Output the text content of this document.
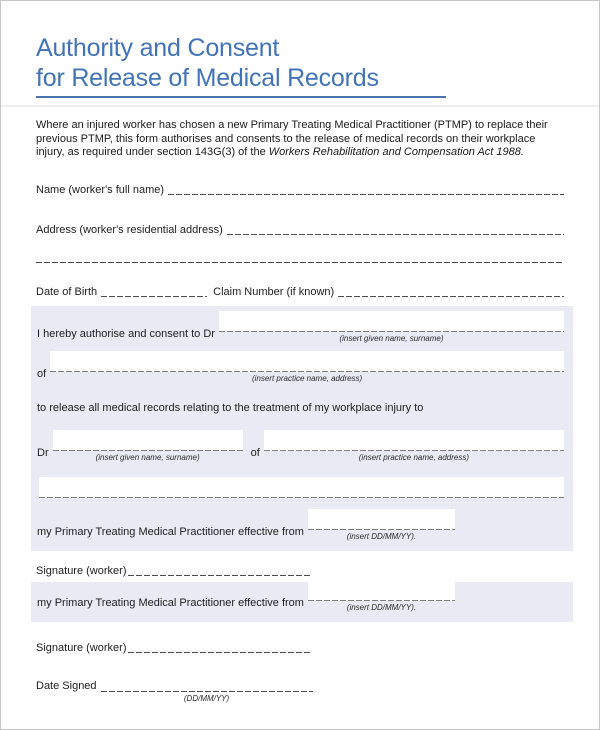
Authority and Consent
for Release of Medical Records

Where an injured worker has chosen a new Primary Treating Medical Practitioner (PTMP) to replace their previous PTMP, this form authorises and consents to the release of medical records on their workplace injury, as required under section 143G(3) of the Workers Rehabilitation and Compensation Act 1988.

Name (worker's full name)
Address (worker's residential address)
Date of Birth	Claim Number (if known)
I hereby authorise and consent to Dr	(insert given name, surname)
of	(insert practice name, address)
to release all medical records relating to the treatment of my workplace injury to
Dr	(insert given name, surname)	of	(insert practice name, address)
my Primary Treating Medical Practitioner effective from	(insert DD/MM/YY).
Signature (worker)
my Primary Treating Medical Practitioner effective from	(insert DD/MM/YY).
Signature (worker)
Date Signed
(DD/MM/YY)
